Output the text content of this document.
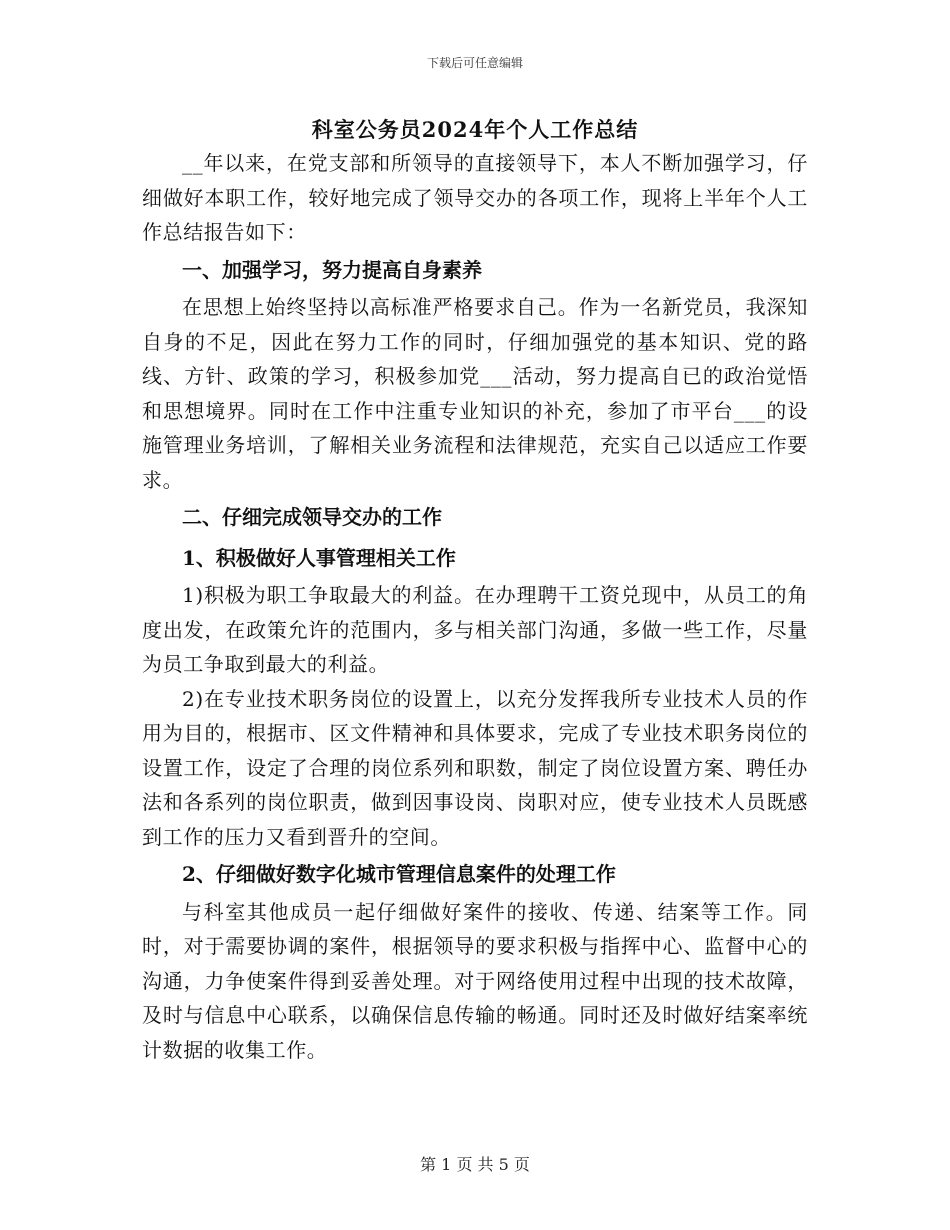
下载后可任意编辑
科室公务员2024年个人工作总结

__年以来，在党支部和所领导的直接领导下，本人不断加强学习，仔细做好本职工作，较好地完成了领导交办的各项工作，现将上半年个人工作总结报告如下：

一、加强学习，努力提高自身素养

在思想上始终坚持以高标准严格要求自己。作为一名新党员，我深知自身的不足，因此在努力工作的同时，仔细加强党的基本知识、党的路线、方针、政策的学习，积极参加党___活动，努力提高自已的政治觉悟和思想境界。同时在工作中注重专业知识的补充，参加了市平台___的设施管理业务培训，了解相关业务流程和法律规范，充实自己以适应工作要求。

二、仔细完成领导交办的工作

1、积极做好人事管理相关工作

1)积极为职工争取最大的利益。在办理聘干工资兑现中，从员工的角度出发，在政策允许的范围内，多与相关部门沟通，多做一些工作，尽量为员工争取到最大的利益。

2)在专业技术职务岗位的设置上，以充分发挥我所专业技术人员的作用为目的，根据市、区文件精神和具体要求，完成了专业技术职务岗位的设置工作，设定了合理的岗位系列和职数，制定了岗位设置方案、聘任办法和各系列的岗位职责，做到因事设岗、岗职对应，使专业技术人员既感到工作的压力又看到晋升的空间。

2、仔细做好数字化城市管理信息案件的处理工作

与科室其他成员一起仔细做好案件的接收、传递、结案等工作。同时，对于需要协调的案件，根据领导的要求积极与指挥中心、监督中心的沟通，力争使案件得到妥善处理。对于网络使用过程中出现的技术故障，及时与信息中心联系，以确保信息传输的畅通。同时还及时做好结案率统计数据的收集工作。

第 1 页 共 5 页
